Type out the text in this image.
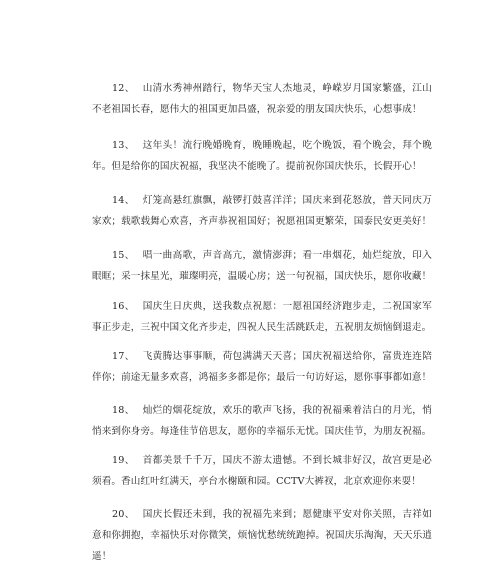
12、 山清水秀神州踏行，物华天宝人杰地灵，峥嵘岁月国家繁盛，江山不老祖国长春，愿伟大的祖国更加昌盛，祝亲爱的朋友国庆快乐，心想事成！

13、 这年头！流行晚婚晚育，晚睡晚起，吃个晚饭，看个晚会，拜个晚年。但是给你的国庆祝福，我坚决不能晚了。提前祝你国庆快乐，长假开心！

14、 灯笼高悬红旗飘，敲锣打鼓喜洋洋；国庆来到花怒放，普天同庆万家欢；载歌载舞心欢喜，齐声恭祝祖国好；祝愿祖国更繁荣，国泰民安更美好！

15、 唱一曲高歌，声音高亢，激情澎湃；看一串烟花，灿烂绽放，印入眼眶；采一抹星光，璀璨明亮，温暖心房；送一句祝福，国庆快乐，愿你收藏！

16、 国庆生日庆典，送我数点祝愿：一愿祖国经济跑步走，二祝国家军事正步走，三祝中国文化齐步走，四祝人民生活跳跃走，五祝朋友烦恼倒退走。

17、 飞黄腾达事事顺，荷包满满天天喜；国庆祝福送给你，富贵连连陪伴你；前途无量多欢喜，鸿福多多都是你；最后一句访好运，愿你事事都如意！

18、 灿烂的烟花绽放，欢乐的歌声飞扬，我的祝福乘着洁白的月光，悄悄来到你身旁。每逢佳节倍思友，愿你的幸福乐无忧。国庆佳节，为朋友祝福。

19、 首都美景千千万，国庆不游太遗憾。不到长城非好汉，故宫更是必须看。香山红叶红满天，亭台水榭颐和园。CCTV大裤衩，北京欢迎你来耍！

20、 国庆长假还未到，我的祝福先来到；愿健康平安对你关照，吉祥如意和你拥抱，幸福快乐对你微笑，烦恼忧愁统统跑掉。祝国庆乐淘淘，天天乐逍遥！
